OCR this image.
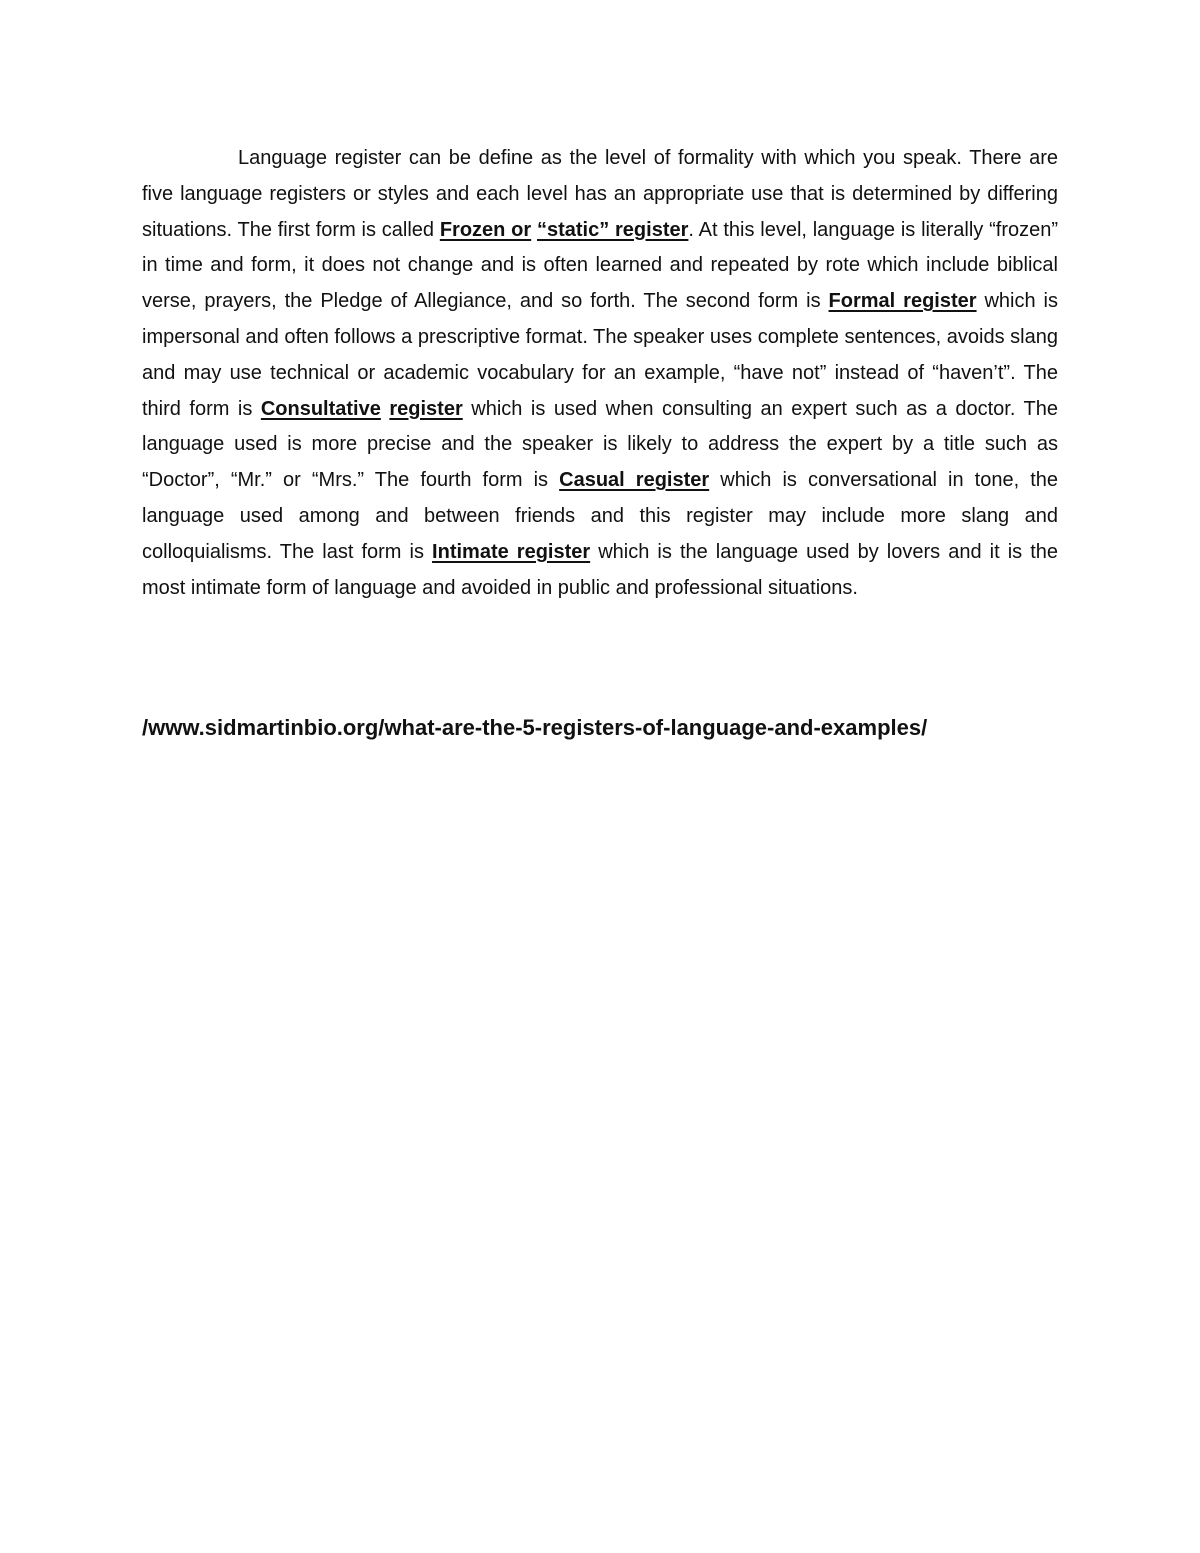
Language register can be define as the level of formality with which you speak. There are five language registers or styles and each level has an appropriate use that is determined by differing situations. The first form is called Frozen or “static” register. At this level, language is literally “frozen” in time and form, it does not change and is often learned and repeated by rote which include biblical verse, prayers, the Pledge of Allegiance, and so forth. The second form is Formal register which is impersonal and often follows a prescriptive format. The speaker uses complete sentences, avoids slang and may use technical or academic vocabulary for an example, “have not” instead of “haven’t”. The third form is Consultative register which is used when consulting an expert such as a doctor. The language used is more precise and the speaker is likely to address the expert by a title such as “Doctor”, “Mr.” or “Mrs.” The fourth form is Casual register which is conversational in tone, the language used among and between friends and this register may include more slang and colloquialisms. The last form is Intimate register which is the language used by lovers and it is the most intimate form of language and avoided in public and professional situations.

/www.sidmartinbio.org/what-are-the-5-registers-of-language-and-examples/
